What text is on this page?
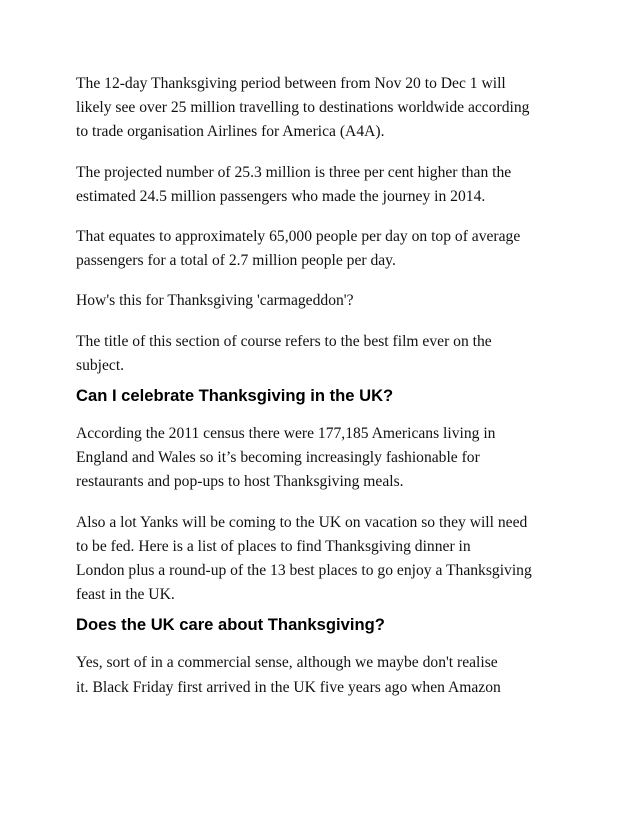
The 12-day Thanksgiving period between from Nov 20 to Dec 1 will
likely see over 25 million travelling to destinations worldwide according
to trade organisation Airlines for America (A4A).

The projected number of 25.3 million is three per cent higher than the
estimated 24.5 million passengers who made the journey in 2014.

That equates to approximately 65,000 people per day on top of average
passengers for a total of 2.7 million people per day.

How's this for Thanksgiving 'carmageddon'?

The title of this section of course refers to the best film ever on the
subject.

Can I celebrate Thanksgiving in the UK?

According the 2011 census there were 177,185 Americans living in
England and Wales so it’s becoming increasingly fashionable for
restaurants and pop-ups to host Thanksgiving meals.

Also a lot Yanks will be coming to the UK on vacation so they will need
to be fed. Here is a list of places to find Thanksgiving dinner in
London plus a round-up of the 13 best places to go enjoy a Thanksgiving
feast in the UK.

Does the UK care about Thanksgiving?

Yes, sort of in a commercial sense, although we maybe don't realise
it. Black Friday first arrived in the UK five years ago when Amazon
